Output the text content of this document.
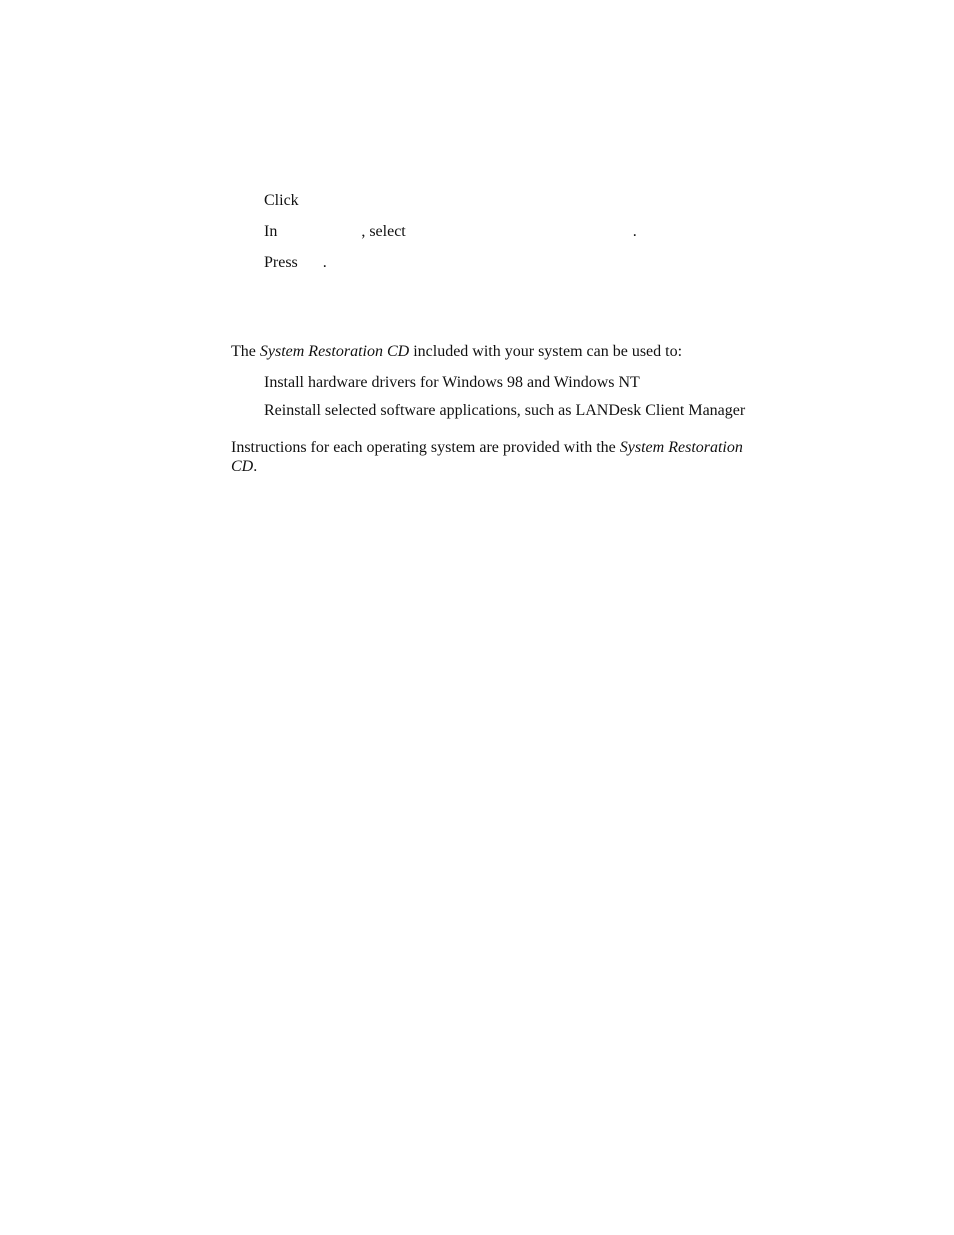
Click
In	, select	.
Press .
The System Restoration CD included with your system can be used to:
Install hardware drivers for Windows 98 and Windows NT
Reinstall selected software applications, such as LANDesk Client Manager
Instructions for each operating system are provided with the System Restoration
CD.
